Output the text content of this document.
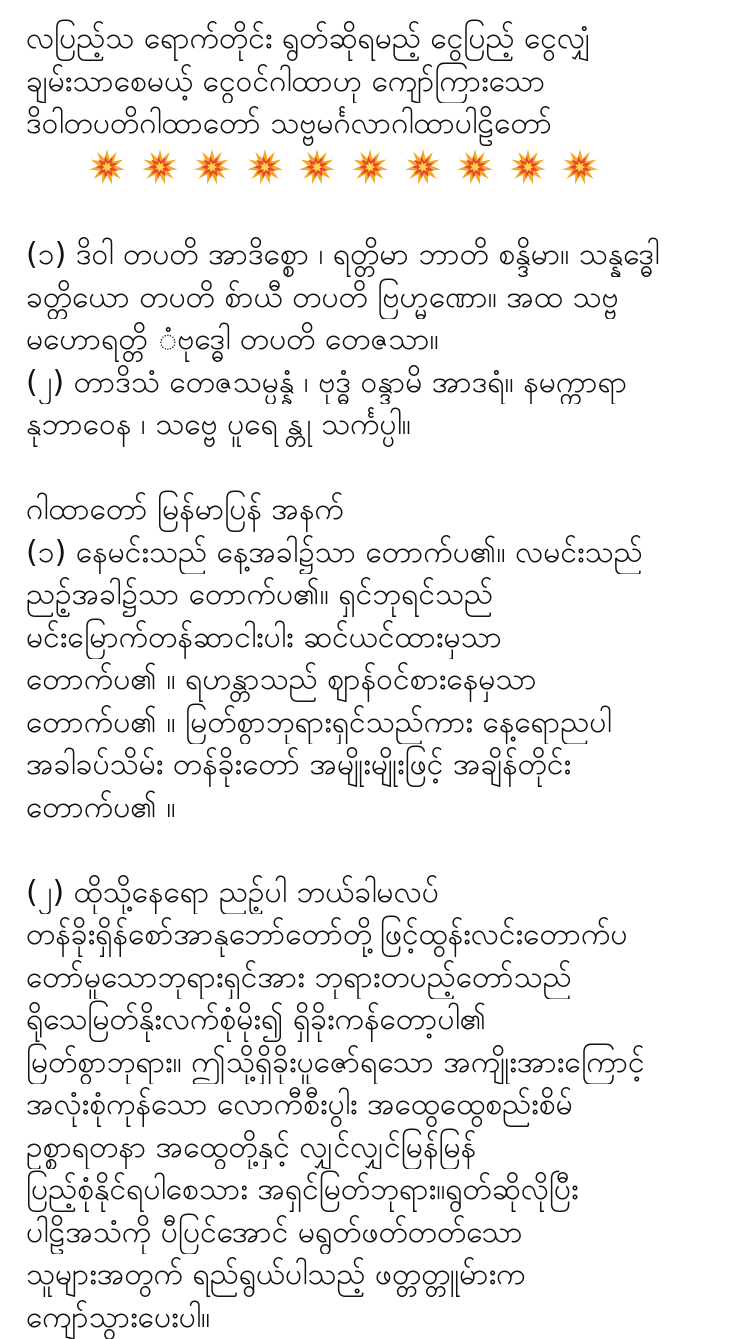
လပြည့်သ ရောက်တိုင်း ရွတ်ဆိုရမည့် ငွေပြည့် ငွေလျှံ
ချမ်းသာစေမယ့် ငွေဝင်ဂါထာဟု ကျော်ကြားသော
ဒိဝါတပတိဂါထာတော် သဗ္ဗမင်္ဂလာဂါထာပါဠိတော်
(၁) ဒိဝါ တပတိ အာဒိစ္စော ၊ ရတ္တိမာ ဘာတိ စန္ဒိမာ။ သန္နဒ္ဓေါ
ခတ္တိယော တပတိ စ်ာယီ တပတိ ဗြဟ္မဏော။ အထ သဗ္ဗ
မဟောရတ္တိ ံဗုဒ္ဓေါ တပတိ တေဇသာ။
(၂) တာဒိသံ တေဇသမ္ပန္နံ ၊ ဗုဒ္ဓံ ဝန္ဒာမိ အာဒရံ။ နမက္ကာရာ
နုဘာဝေန ၊ သဗ္ဗေ ပူရေ န္တု သင်္ကပ္ပါ။
ဂါထာတော် မြန်မာပြန် အနက်
(၁) နေမင်းသည် နေ့အခါ၌သာ တောက်ပ၏။ လမင်းသည်
ညဥ့်အခါ၌သာ တောက်ပ၏။ ရှင်ဘုရင်သည်
မင်းမြောက်တန်ဆာငါးပါး ဆင်ယင်ထားမှသာ
တောက်ပ၏ ။ ရဟန္တာသည် ဈာန်ဝင်စားနေမှသာ
တောက်ပ၏ ။ မြတ်စွာဘုရားရှင်သည်ကား နေ့ရောညပါ
အခါခပ်သိမ်း တန်ခိုးတော် အမျိုးမျိုးဖြင့် အချိန်တိုင်း
တောက်ပ၏ ။
(၂) ထိုသို့နေရော ညဥ့်ပါ ဘယ်ခါမလပ်
တန်ခိုးရှိန်စော်အာနုဘော်တော်တို့ဖြင့်ထွန်းလင်းတောက်ပ
တော်မူသောဘုရားရှင်အား ဘုရားတပည့်တော်သည်
ရိုသေမြတ်နိုးလက်စုံမိုး၍ ရှိခိုးကန်တော့ပါ၏
မြတ်စွာဘုရား။ ဤသို့ရှိခိုးပူဇော်ရသော အကျိုးအားကြောင့်
အလုံးစုံကုန်သော လောကီစီးပွါး အထွေထွေစည်းစိမ်
ဥစ္စာရတနာ အထွေတို့နှင့် လျှင်လျှင်မြန်မြန်
ပြည့်စုံနိုင်ရပါစေသား အရှင်မြတ်ဘုရား။ရွတ်ဆိုလိုပြီး
ပါဠိအသံကို ပီပြင်အောင် မရွတ်ဖတ်တတ်သော
သူများအတွက် ရည်ရွယ်ပါသည့် ဖတ္တတ္တူမ်ားက
ကျော်သွားပေးပါ။
